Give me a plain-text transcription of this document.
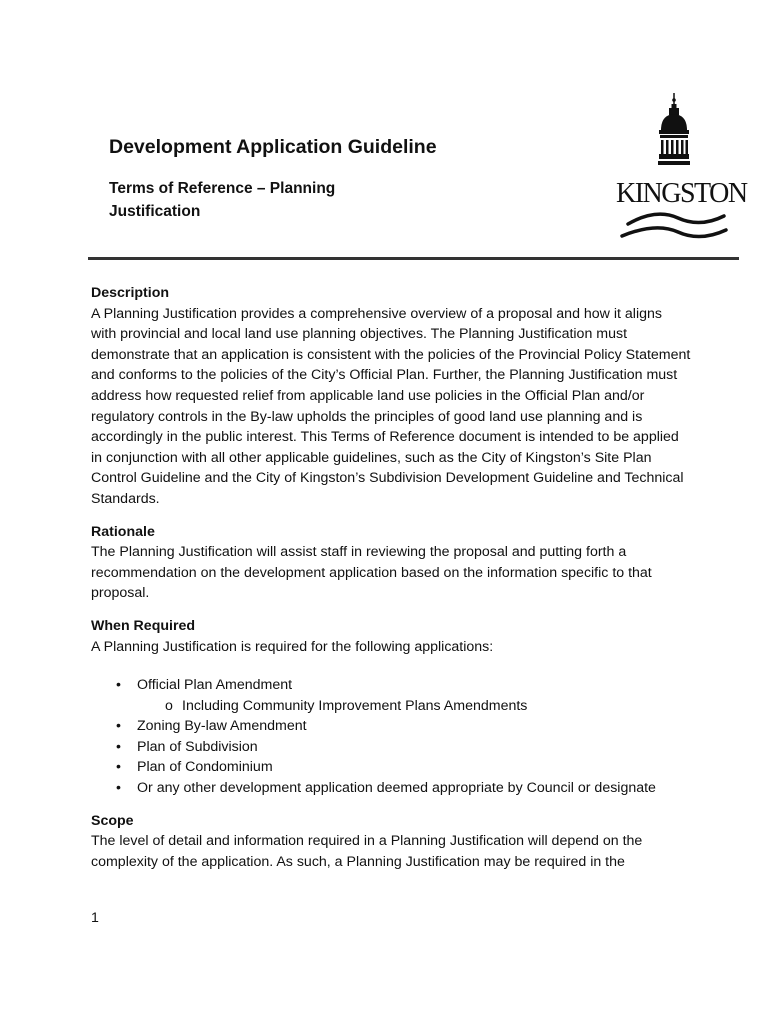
Development Application Guideline
Terms of Reference – Planning Justification
KINGSTON

Description

A Planning Justification provides a comprehensive overview of a proposal and how it aligns with provincial and local land use planning objectives. The Planning Justification must demonstrate that an application is consistent with the policies of the Provincial Policy Statement and conforms to the policies of the City’s Official Plan. Further, the Planning Justification must address how requested relief from applicable land use policies in the Official Plan and/or regulatory controls in the By-law upholds the principles of good land use planning and is accordingly in the public interest. This Terms of Reference document is intended to be applied in conjunction with all other applicable guidelines, such as the City of Kingston’s Site Plan Control Guideline and the City of Kingston’s Subdivision Development Guideline and Technical Standards.

Rationale

The Planning Justification will assist staff in reviewing the proposal and putting forth a recommendation on the development application based on the information specific to that proposal.

When Required

A Planning Justification is required for the following applications:

• Official Plan Amendment
o Including Community Improvement Plans Amendments
• Zoning By-law Amendment
• Plan of Subdivision
• Plan of Condominium
• Or any other development application deemed appropriate by Council or designate

Scope

The level of detail and information required in a Planning Justification will depend on the complexity of the application. As such, a Planning Justification may be required in the

1
